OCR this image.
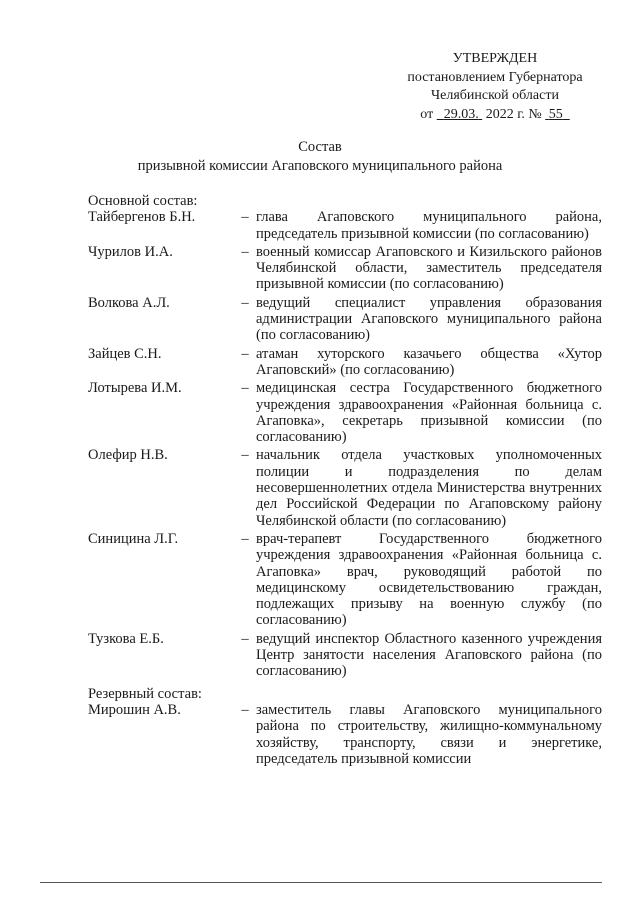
УТВЕРЖДЕН
постановлением Губернатора
Челябинской области
от 29.03. 2022 г. № 55
Состав
призывной комиссии Агаповского муниципального района
Основной состав:
Тайбергенов Б.Н.	– глава Агаповского муниципального района, председатель призывной комиссии (по согласованию)
Чурилов И.А.	– военный комиссар Агаповского и Кизильского районов Челябинской области, заместитель председателя призывной комиссии (по согласованию)
Волкова А.Л.	– ведущий специалист управления образования администрации Агаповского муниципального района (по согласованию)
Зайцев С.Н.	– атаман хуторского казачьего общества «Хутор Агаповский» (по согласованию)
Лотырева И.М.	– медицинская сестра Государственного бюджетного учреждения здравоохранения «Районная больница с. Агаповка», секретарь призывной комиссии (по согласованию)
Олефир Н.В.	– начальник отдела участковых уполномоченных полиции и подразделения по делам несовершеннолетних отдела Министерства внутренних дел Российской Федерации по Агаповскому району Челябинской области (по согласованию)
Синицина Л.Г.	– врач-терапевт Государственного бюджетного учреждения здравоохранения «Районная больница с. Агаповка» врач, руководящий работой по медицинскому освидетельствованию граждан, подлежащих призыву на военную службу (по согласованию)
Тузкова Е.Б.	– ведущий инспектор Областного казенного учреждения Центр занятости населения Агаповского района (по согласованию)
Резервный состав:
Мирошин А.В.	– заместитель главы Агаповского муниципального района по строительству, жилищно-коммунальному хозяйству, транспорту, связи и энергетике, председатель призывной комиссии
